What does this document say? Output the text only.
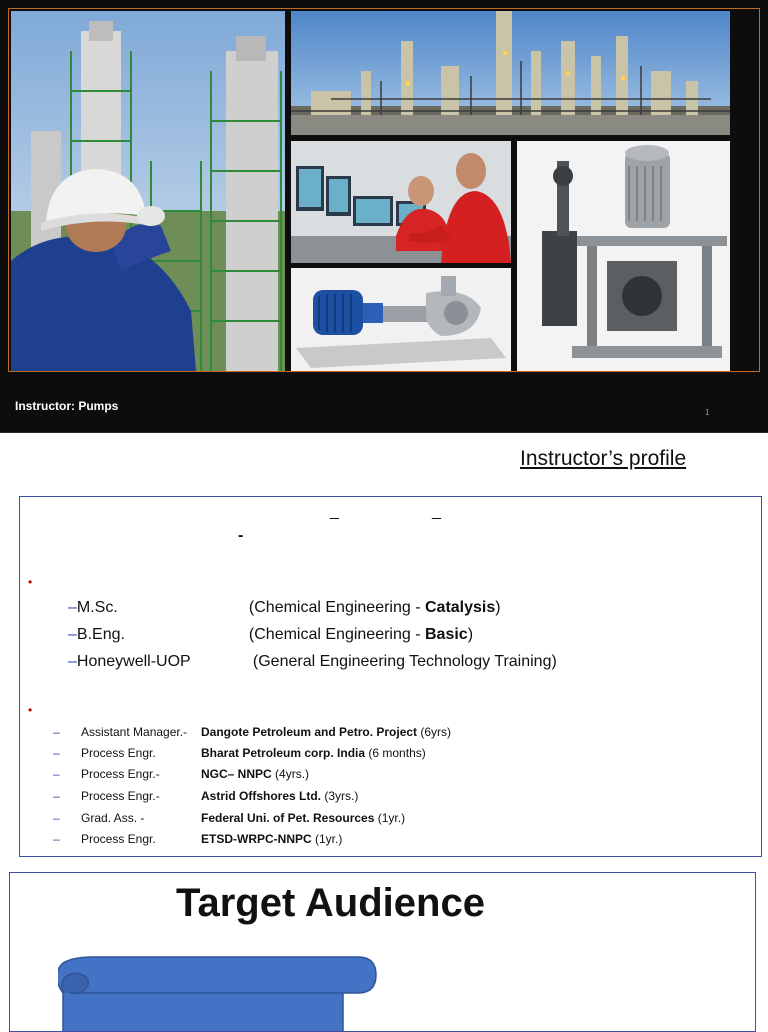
Instructor: Pumps	1
Instructor’s profile
_	_
-
•
–M.Sc.	(Chemical Engineering - Catalysis)
–B.Eng.	(Chemical Engineering - Basic)
–Honeywell-UOP	(General Engineering Technology Training)
•
– Assistant Manager.- Dangote Petroleum and Petro. Project (6yrs)
– Process Engr.	Bharat Petroleum corp. India (6 months)
– Process Engr.-	NGC– NNPC (4yrs.)
– Process Engr.-	Astrid Offshores Ltd. (3yrs.)
– Grad. Ass. -	Federal Uni. of Pet. Resources (1yr.)
– Process Engr.	ETSD-WRPC-NNPC (1yr.)
Target Audience
